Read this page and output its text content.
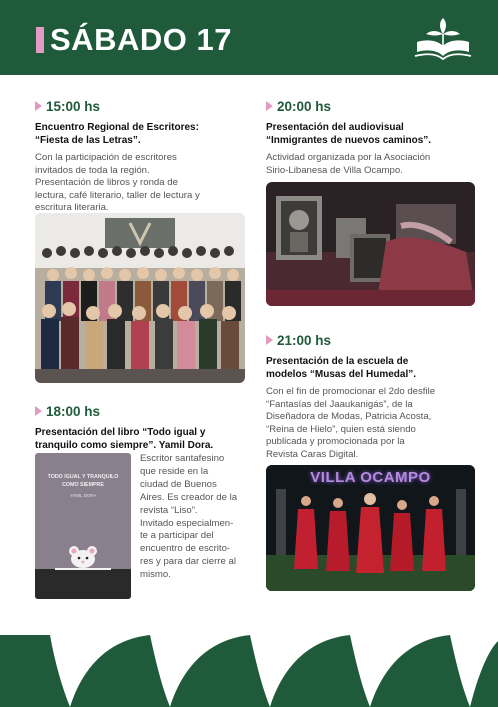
SÁBADO 17
15:00 hs
Encuentro Regional de Escritores:
“Fiesta de las Letras”.
Con la participación de escritores
invitados de toda la región.
Presentación de libros y ronda de
lectura, café literario, taller de lectura y
escritura literaria.
18:00 hs
Presentación del libro “Todo igual y
tranquilo como siempre”. Yamil Dora.
TODO IGUAL Y TRANQUILO
COMO SIEMPRE
YAMIL DORA
Escritor santafesino
que reside en la
ciudad de Buenos
Aires. Es creador de la
revista “Liso”.
Invitado especialmen-
te a participar del
encuentro de escrito-
res y para dar cierre al
mismo.
20:00 hs
Presentación del audiovisual
“Inmigrantes de nuevos caminos”.
Actividad organizada por la Asociación
Sirio-Libanesa de Villa Ocampo.
21:00 hs
Presentación de la escuela de
modelos “Musas del Humedal”.
Con el fin de promocionar el 2do desfile
“Fantasías del Jaaukanigás”, de la
Diseñadora de Modas, Patricia Acosta,
“Reina de Hielo”, quien está siendo
publicada y promocionada por la
Revista Caras Digital.
VILLA OCAMPO
